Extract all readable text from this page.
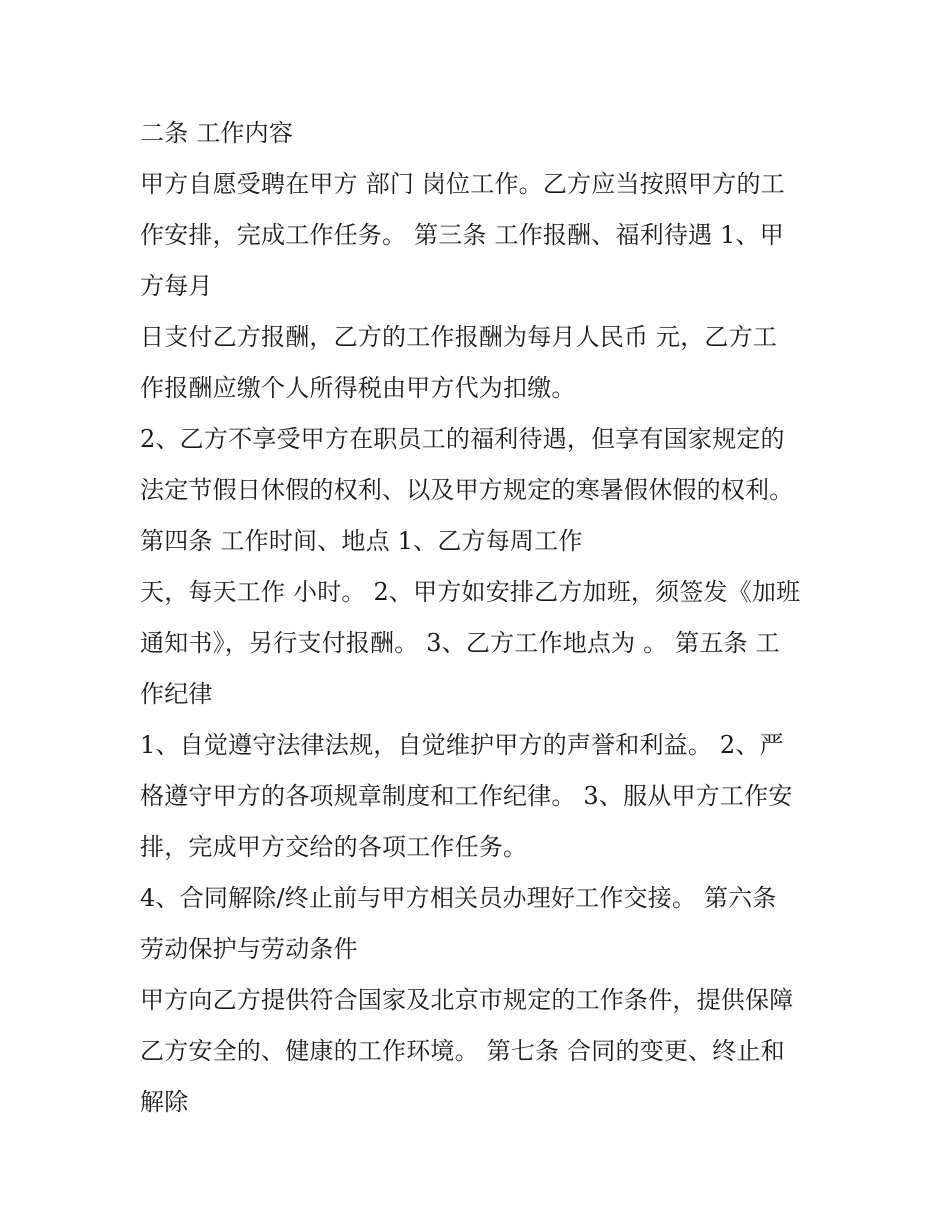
二条 工作内容
甲方自愿受聘在甲方 部门 岗位工作。乙方应当按照甲方的工
作安排，完成工作任务。 第三条 工作报酬、福利待遇 1、甲
方每月
日支付乙方报酬，乙方的工作报酬为每月人民币 元，乙方工
作报酬应缴个人所得税由甲方代为扣缴。
2、乙方不享受甲方在职员工的福利待遇，但享有国家规定的
法定节假日休假的权利、以及甲方规定的寒暑假休假的权利。
第四条 工作时间、地点 1、乙方每周工作
天，每天工作 小时。 2、甲方如安排乙方加班，须签发《加班
通知书》，另行支付报酬。 3、乙方工作地点为 。 第五条 工
作纪律
1、自觉遵守法律法规，自觉维护甲方的声誉和利益。 2、严
格遵守甲方的各项规章制度和工作纪律。 3、服从甲方工作安
排，完成甲方交给的各项工作任务。
4、合同解除/终止前与甲方相关员办理好工作交接。 第六条
劳动保护与劳动条件
甲方向乙方提供符合国家及北京市规定的工作条件，提供保障
乙方安全的、健康的工作环境。 第七条 合同的变更、终止和
解除
